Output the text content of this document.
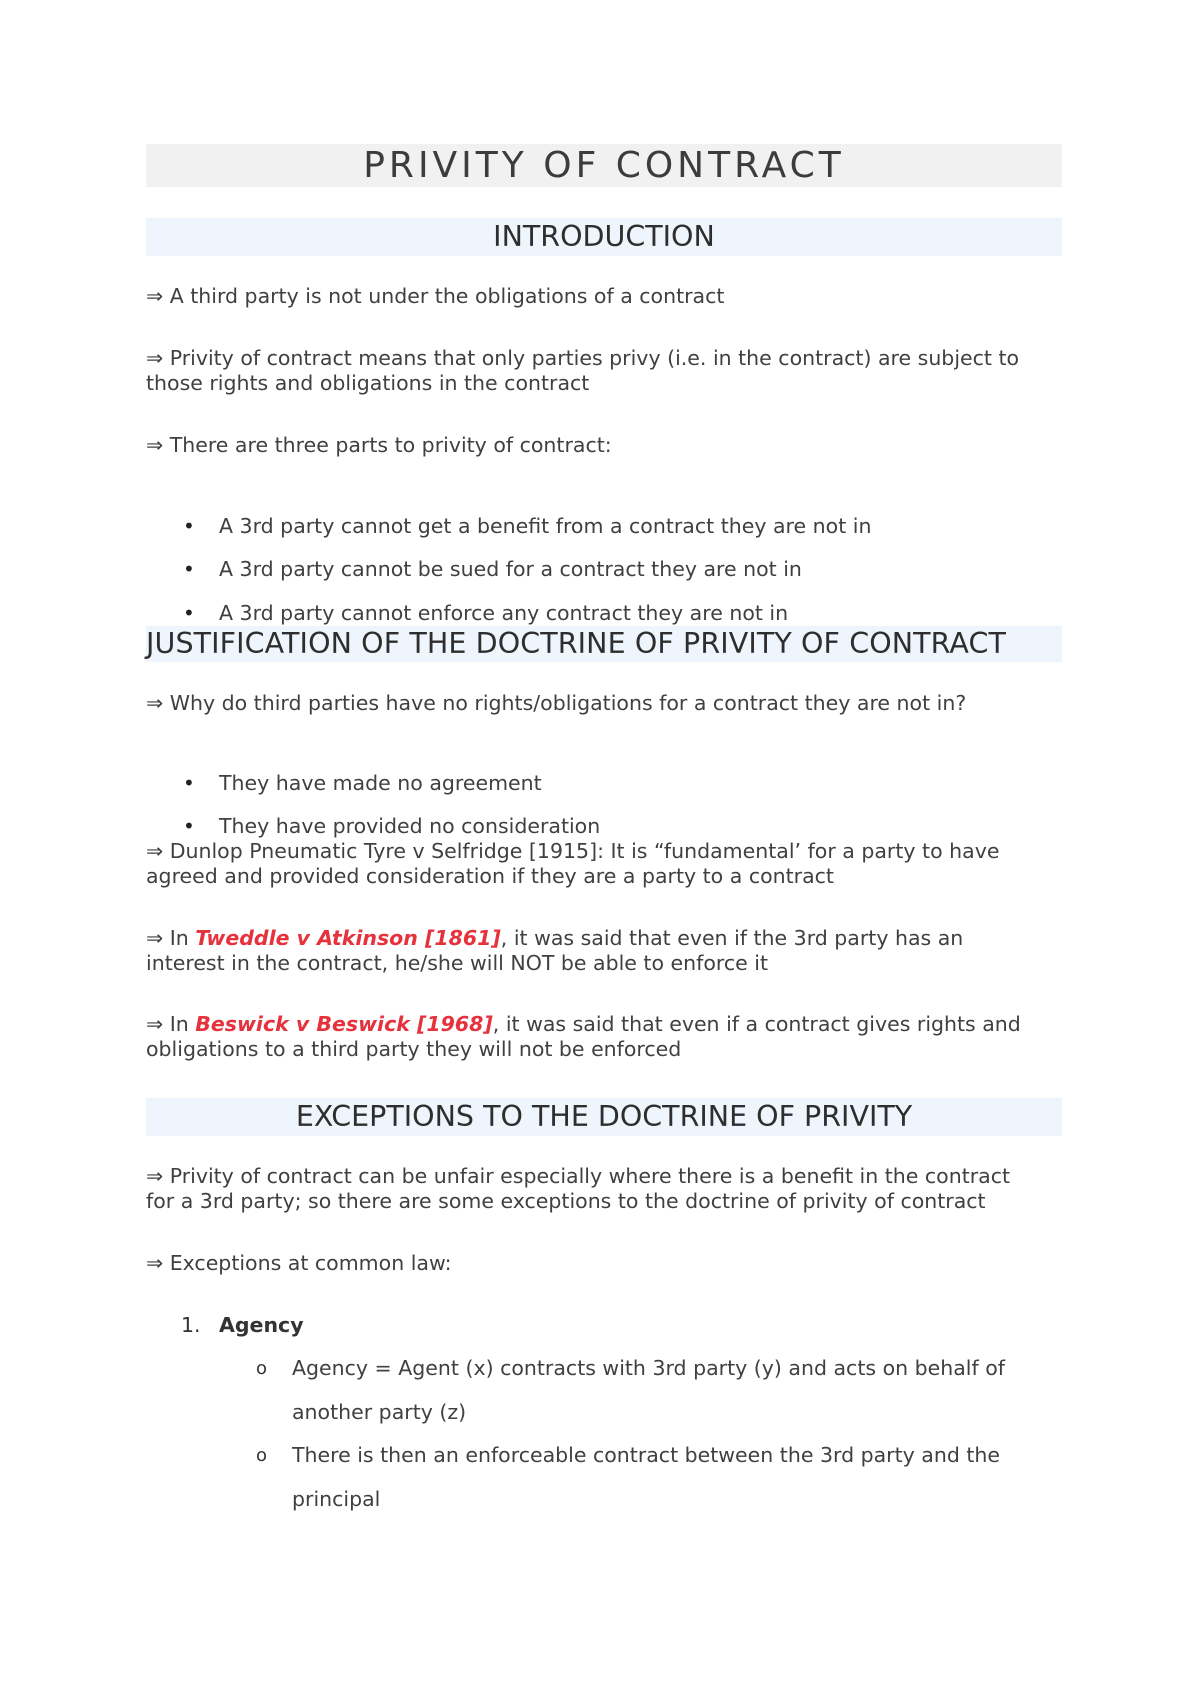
PRIVITY OF CONTRACT
INTRODUCTION
⇒ A third party is not under the obligations of a contract
⇒ Privity of contract means that only parties privy (i.e. in the contract) are subject to
those rights and obligations in the contract
⇒ There are three parts to privity of contract:
• A 3rd party cannot get a benefit from a contract they are not in
• A 3rd party cannot be sued for a contract they are not in
• A 3rd party cannot enforce any contract they are not in
JUSTIFICATION OF THE DOCTRINE OF PRIVITY OF CONTRACT
⇒ Why do third parties have no rights/obligations for a contract they are not in?
• They have made no agreement
• They have provided no consideration
⇒ Dunlop Pneumatic Tyre v Selfridge [1915]: It is “fundamental’ for a party to have
agreed and provided consideration if they are a party to a contract
⇒ In Tweddle v Atkinson [1861], it was said that even if the 3rd party has an
interest in the contract, he/she will NOT be able to enforce it
⇒ In Beswick v Beswick [1968], it was said that even if a contract gives rights and
obligations to a third party they will not be enforced
EXCEPTIONS TO THE DOCTRINE OF PRIVITY
⇒ Privity of contract can be unfair especially where there is a benefit in the contract
for a 3rd party; so there are some exceptions to the doctrine of privity of contract
⇒ Exceptions at common law:
1. Agency
o Agency = Agent (x) contracts with 3rd party (y) and acts on behalf of
another party (z)
o There is then an enforceable contract between the 3rd party and the
principal
